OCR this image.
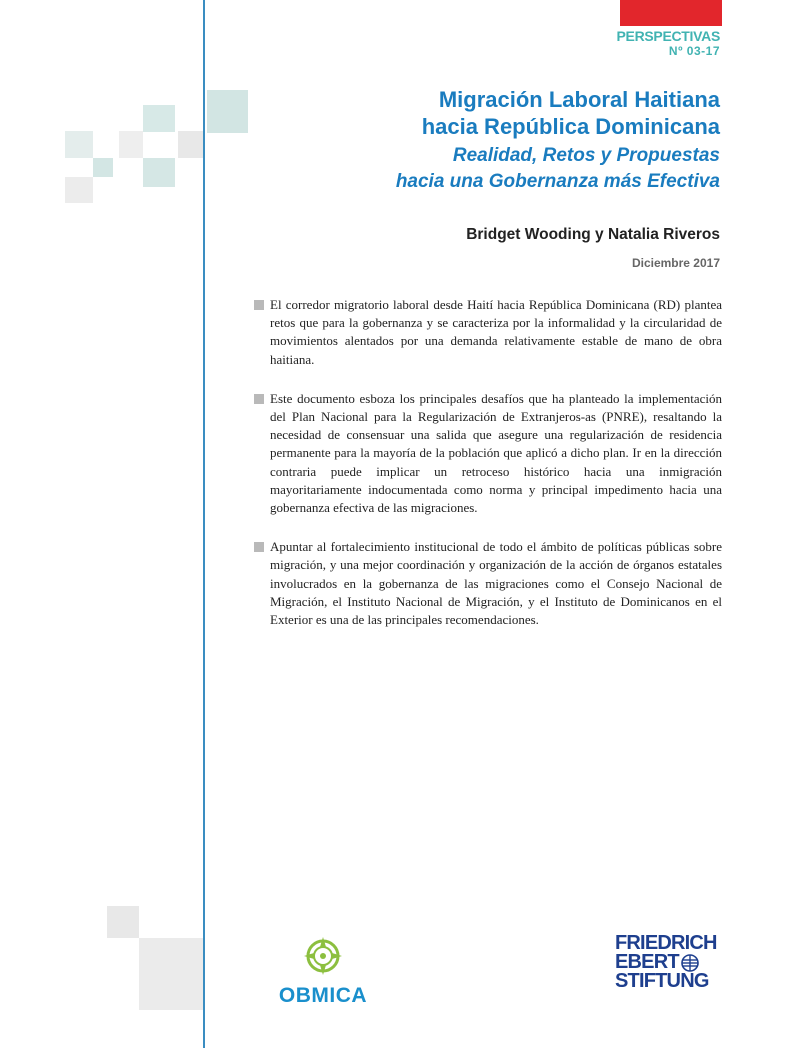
PERSPECTIVAS
Nº 03-17
Migración Laboral Haitiana
hacia República Dominicana
Realidad, Retos y Propuestas
hacia una Gobernanza más Efectiva
Bridget Wooding y Natalia Riveros
Diciembre 2017
El corredor migratorio laboral desde Haití hacia República Dominicana (RD) plantea retos que para la gobernanza y se caracteriza por la informalidad y la circularidad de movimientos alentados por una demanda relativamente estable de mano de obra haitiana.
Este documento esboza los principales desafíos que ha planteado la implementación del Plan Nacional para la Regularización de Extranjeros-as (PNRE), resaltando la necesidad de consensuar una salida que asegure una regularización de residencia permanente para la mayoría de la población que aplicó a dicho plan. Ir en la dirección contraria puede implicar un retroceso histórico hacia una inmigración mayoritariamente indocumentada como norma y principal impedimento hacia una gobernanza efectiva de las migraciones.
Apuntar al fortalecimiento institucional de todo el ámbito de políticas públicas sobre migración, y una mejor coordinación y organización de la acción de órganos estatales involucrados en la gobernanza de las migraciones como el Consejo Nacional de Migración, el Instituto Nacional de Migración, y el Instituto de Dominicanos en el Exterior es una de las principales recomendaciones.
OBMICA
FRIEDRICH
EBERT
STIFTUNG
